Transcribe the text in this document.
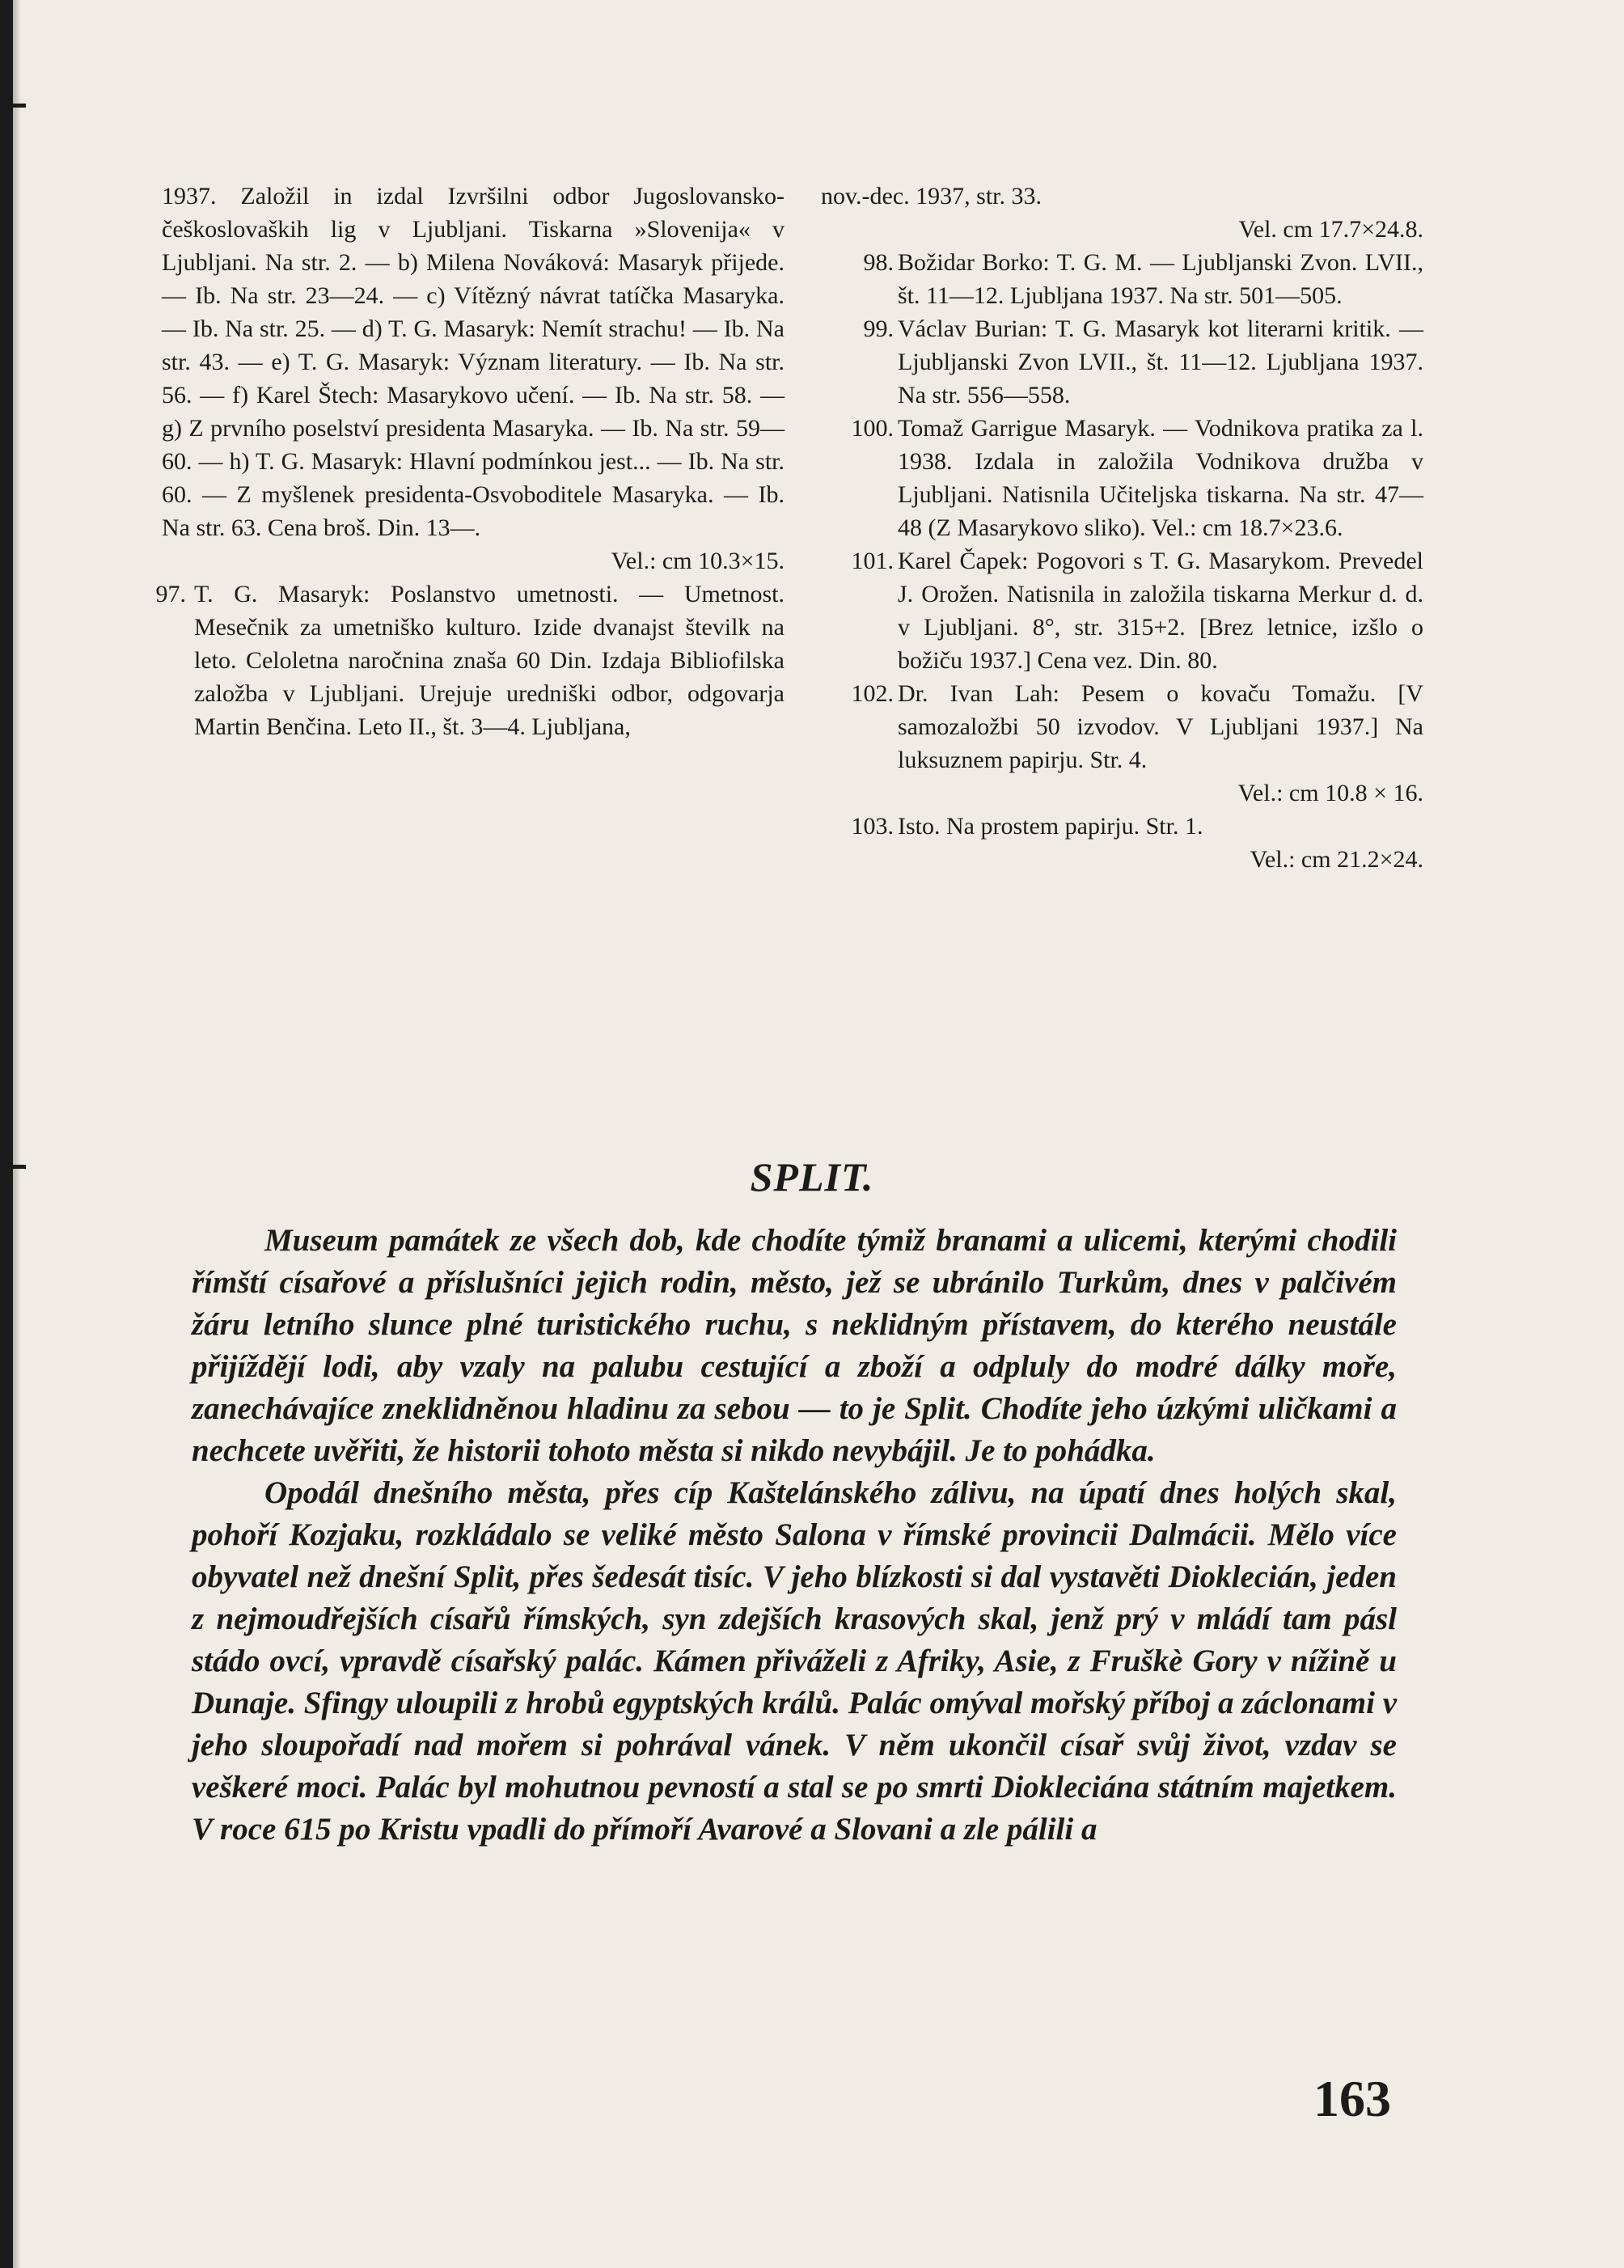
1937. Založil in izdal Izvršilni odbor Jugoslovansko-češkoslovaških lig v Ljubljani. Tiskarna »Slovenija« v Ljubljani. Na str. 2. — b) Milena Nováková: Masaryk přijede. — Ib. Na str. 23—24. — c) Vítězný návrat tatíčka Masaryka. — Ib. Na str. 25. — d) T. G. Masaryk: Nemít strachu! — Ib. Na str. 43. — e) T. G. Masaryk: Význam literatury. — Ib. Na str. 56. — f) Karel Štech: Masarykovo učení. — Ib. Na str. 58. — g) Z prvního poselství presidenta Masaryka. — Ib. Na str. 59—60. — h) T. G. Masaryk: Hlavní podmínkou jest... — Ib. Na str. 60. — Z myšlenek presidenta-Osvoboditele Masaryka. — Ib. Na str. 63. Cena broš. Din. 13—.

Vel.: cm 10.3×15.
97. T. G. Masaryk: Poslanstvo umetnosti. — Umetnost. Mesečnik za umetniško kulturo. Izide dvanajst številk na leto. Celoletna naročnina znaša 60 Din. Izdaja Bibliofilska založba v Ljubljani. Urejuje uredniški odbor, odgovarja Martin Benčina. Leto II., št. 3—4. Ljubljana,

nov.-dec. 1937, str. 33.

Vel. cm 17.7×24.8.
98. Božidar Borko: T. G. M. — Ljubljanski Zvon. LVII., št. 11—12. Ljubljana 1937. Na str. 501—505.
99. Václav Burian: T. G. Masaryk kot literarni kritik. — Ljubljanski Zvon LVII., št. 11—12. Ljubljana 1937. Na str. 556—558.
100. Tomaž Garrigue Masaryk. — Vodnikova pratika za l. 1938. Izdala in založila Vodnikova družba v Ljubljani. Natisnila Učiteljska tiskarna. Na str. 47—48 (Z Masarykovo sliko). Vel.: cm 18.7×23.6.
101. Karel Čapek: Pogovori s T. G. Masarykom. Prevedel J. Orožen. Natisnila in založila tiskarna Merkur d. d. v Ljubljani. 8°, str. 315+2. [Brez letnice, izšlo o božiču 1937.] Cena vez. Din. 80.
102. Dr. Ivan Lah: Pesem o kovaču Tomažu. [V samozaložbi 50 izvodov. V Ljubljani 1937.] Na luksuznem papirju. Str. 4.
Vel.: cm 10.8 × 16.
103. Isto. Na prostem papirju. Str. 1.
Vel.: cm 21.2×24.
SPLIT.

Museum památek ze všech dob, kde chodíte týmiž branami a ulicemi, kterými chodili římští císařové a příslušníci jejich rodin, město, jež se ubránilo Turkům, dnes v palčivém žáru letního slunce plné turistického ruchu, s neklidným přístavem, do kterého neustále přijíždějí lodi, aby vzaly na palubu cestující a zboží a odpluly do modré dálky moře, zanechávajíce zneklidněnou hladinu za sebou — to je Split. Chodíte jeho úzkými uličkami a nechcete uvěřiti, že historii tohoto města si nikdo nevybájil. Je to pohádka.

Opodál dnešního města, přes cíp Kaštelánského zálivu, na úpatí dnes holých skal, pohoří Kozjaku, rozkládalo se veliké město Salona v římské provincii Dalmácii. Mělo více obyvatel než dnešní Split, přes šedesát tisíc. V jeho blízkosti si dal vystavěti Dioklecián, jeden z nejmoudřejších císařů římských, syn zdejších krasových skal, jenž prý v mládí tam pásl stádo ovcí, vpravdě císařský palác. Kámen přiváželi z Afriky, Asie, z Fruškè Gory v nížině u Dunaje. Sfingy uloupili z hrobů egyptských králů. Palác omýval mořský příboj a záclonami v jeho sloupořadí nad mořem si pohrával vánek. V něm ukončil císař svůj život, vzdav se veškeré moci. Palác byl mohutnou pevností a stal se po smrti Diokleciána státním majetkem. V roce 615 po Kristu vpadli do přímoří Avarové a Slovani a zle pálili a

163
